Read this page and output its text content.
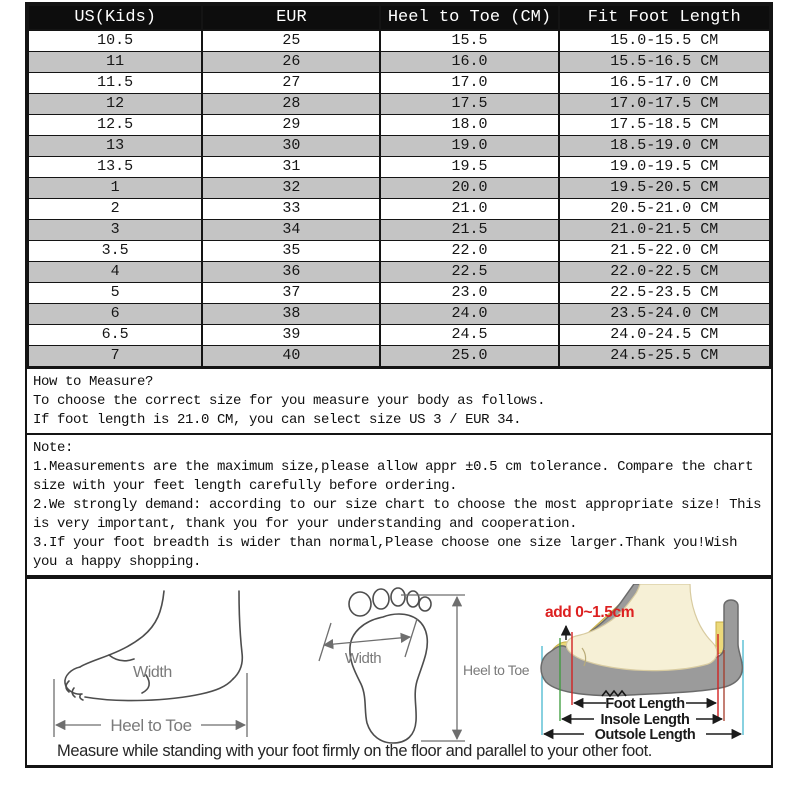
US(Kids)	EUR	Heel to Toe (CM)	Fit Foot Length
10.5	25	15.5	15.0-15.5 CM
11	26	16.0	15.5-16.5 CM
11.5	27	17.0	16.5-17.0 CM
12	28	17.5	17.0-17.5 CM
12.5	29	18.0	17.5-18.5 CM
13	30	19.0	18.5-19.0 CM
13.5	31	19.5	19.0-19.5 CM
1	32	20.0	19.5-20.5 CM
2	33	21.0	20.5-21.0 CM
3	34	21.5	21.0-21.5 CM
3.5	35	22.0	21.5-22.0 CM
4	36	22.5	22.0-22.5 CM
5	37	23.0	22.5-23.5 CM
6	38	24.0	23.5-24.0 CM
6.5	39	24.5	24.0-24.5 CM
7	40	25.0	24.5-25.5 CM
How to Measure?
To choose the correct size for you measure your body as follows.
If foot length is 21.0 CM, you can select size US 3 / EUR 34.
Note:
1.Measurements are the maximum size,please allow appr ±0.5 cm tolerance. Compare the chart
size with your feet length carefully before ordering.
2.We strongly demand: according to our size chart to choose the most appropriate size! This
is very important, thank you for your understanding and cooperation.
3.If your foot breadth is wider than normal,Please choose one size larger.Thank you!Wish
you a happy shopping.
Width
Heel to Toe
Width
Heel to Toe
add 0~1.5cm
Foot Length
Insole Length
Outsole Length
Measure while standing with your foot firmly on the floor and parallel to your other foot.
